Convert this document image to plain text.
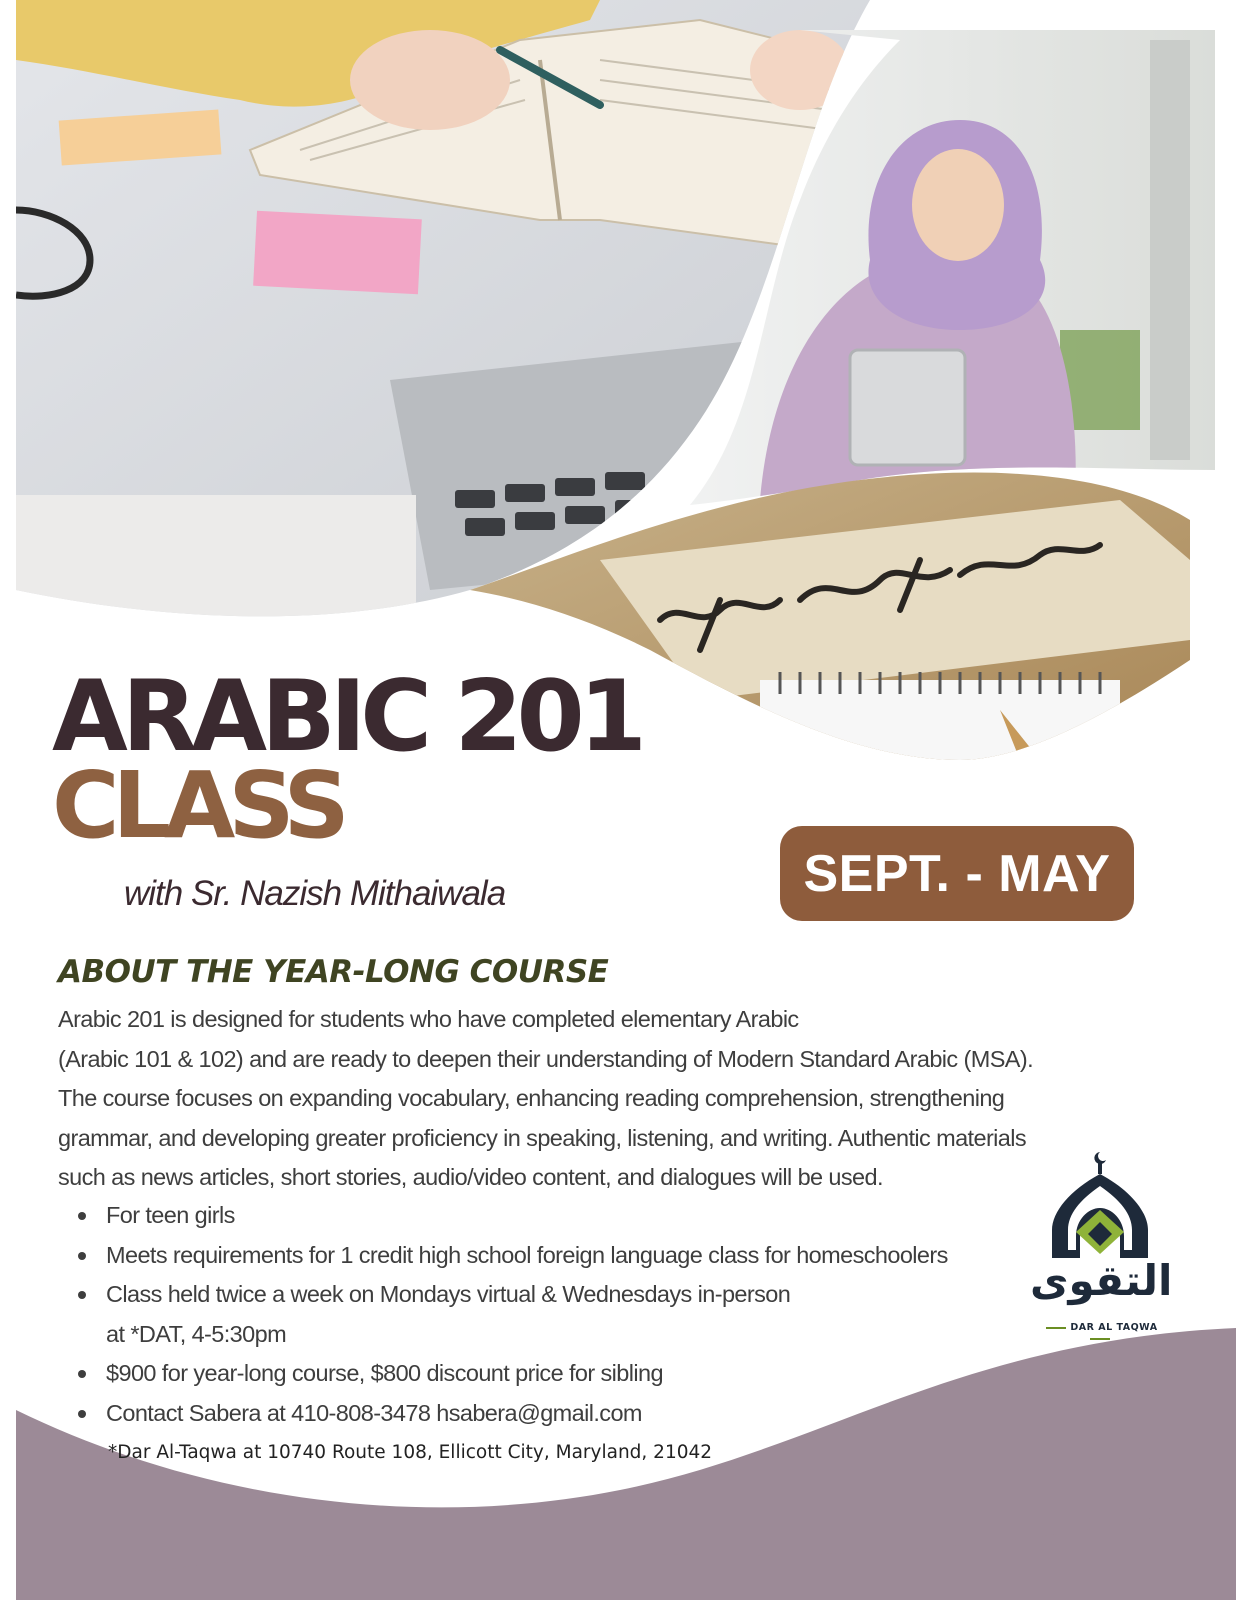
ARABIC 201
CLASS
with Sr. Nazish Mithaiwala	SEPT. - MAY
ABOUT THE YEAR-LONG COURSE
Arabic 201 is designed for students who have completed elementary Arabic
(Arabic 101 & 102) and are ready to deepen their understanding of Modern Standard Arabic (MSA).
The course focuses on expanding vocabulary, enhancing reading comprehension, strengthening
grammar, and developing greater proficiency in speaking, listening, and writing. Authentic materials
such as news articles, short stories, audio/video content, and dialogues will be used.
For teen girls
Meets requirements for 1 credit high school foreign language class for homeschoolers
Class held twice a week on Mondays virtual & Wednesdays in-person
at *DAT, 4-5:30pm
$900 for year-long course, $800 discount price for sibling
Contact Sabera at 410-808-3478 hsabera@gmail.com
*Dar Al-Taqwa at 10740 Route 108, Ellicott City, Maryland, 21042
التقوى
DAR AL TAQWA
